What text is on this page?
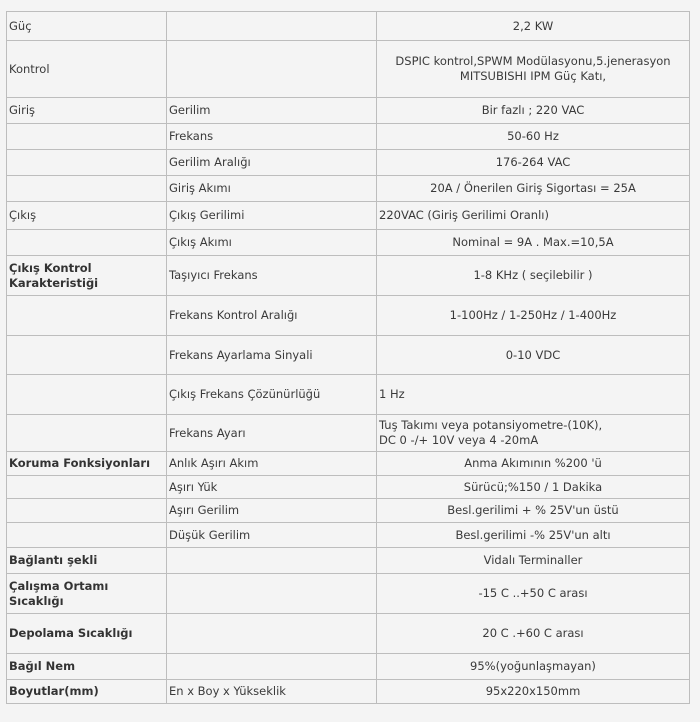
Güç		2,2 KW
Kontrol		DSPIC kontrol,SPWM Modülasyonu,5.jenerasyon
MITSUBISHI IPM Güç Katı,

Giriş	Gerilim	Bir fazlı ; 220 VAC
	Frekans	50-60 Hz
	Gerilim Aralığı	176-264 VAC
	Giriş Akımı	20A / Önerilen Giriş Sigortası = 25A
Çıkış	Çıkış Gerilimi	220VAC (Giriş Gerilimi Oranlı)
	Çıkış Akımı	Nominal = 9A . Max.=10,5A
Çıkış Kontrol Karakteristiği	Taşıyıcı Frekans	1-8 KHz ( seçilebilir )
	Frekans Kontrol Aralığı	1-100Hz / 1-250Hz / 1-400Hz
	Frekans Ayarlama Sinyali	0-10 VDC
	Çıkış Frekans Çözünürlüğü	1 Hz
	Frekans Ayarı	Tuş Takımı veya potansiyometre-(10K),
DC 0 -/+ 10V veya 4 -20mA

Koruma Fonksiyonları	Anlık Aşırı Akım	Anma Akımının %200 'ü
	Aşırı Yük	Sürücü;%150 / 1 Dakika
	Aşırı Gerilim	Besl.gerilimi + % 25V'un üstü
	Düşük Gerilim	Besl.gerilimi -% 25V'un altı
Bağlantı şekli		Vidalı Terminaller
Çalışma Ortamı Sıcaklığı		-15 C ..+50 C arası
Depolama Sıcaklığı		20 C .+60 C arası
Bağıl Nem		95%(yoğunlaşmayan)
Boyutlar(mm)	En x Boy x Yükseklik	95x220x150mm
